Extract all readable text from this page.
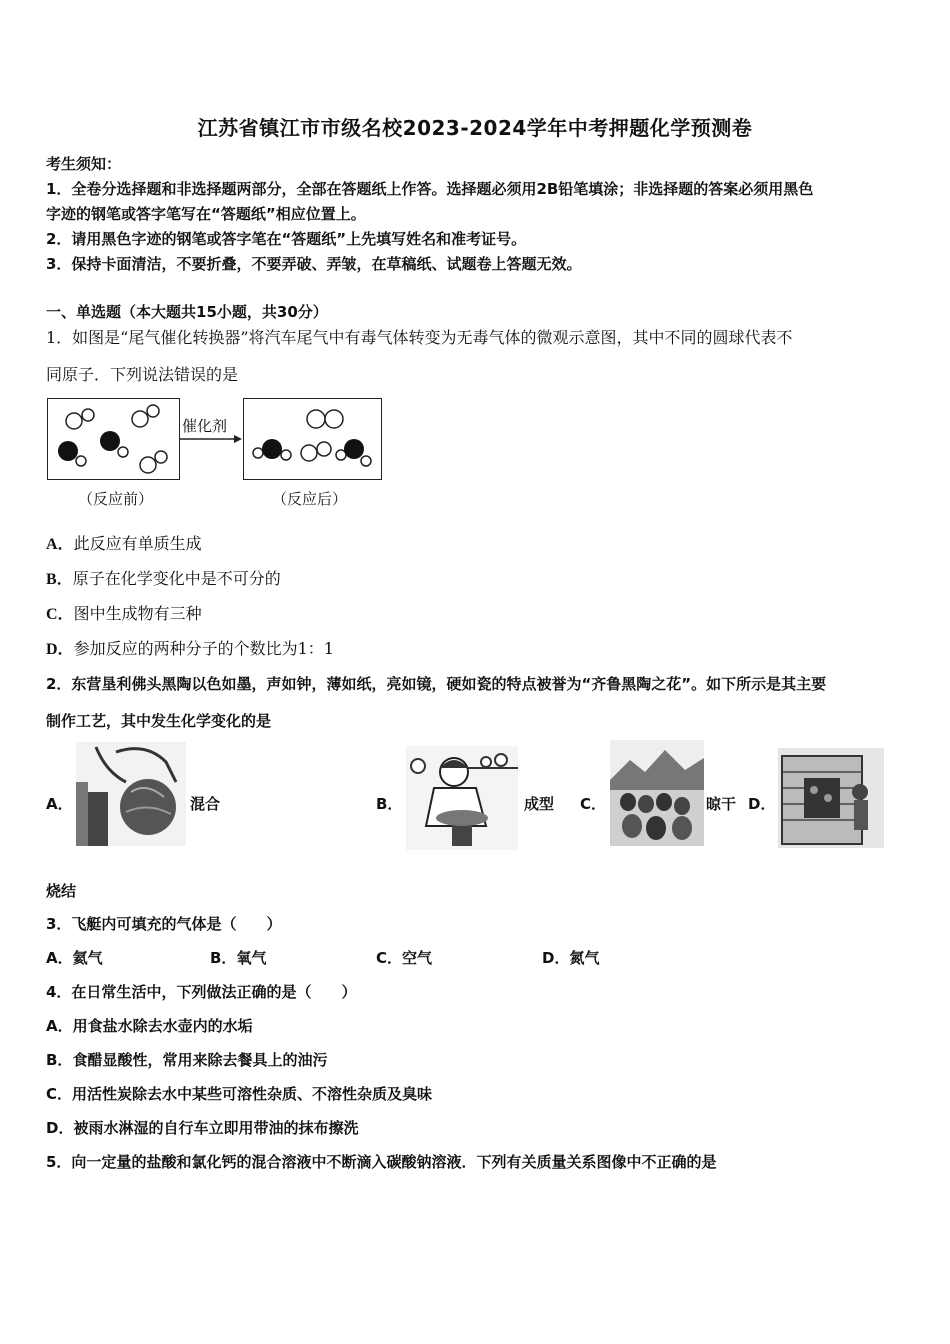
江苏省镇江市市级名校2023-2024学年中考押题化学预测卷
考生须知：
1．全卷分选择题和非选择题两部分，全部在答题纸上作答。选择题必须用2B铅笔填涂；非选择题的答案必须用黑色
字迹的钢笔或答字笔写在“答题纸”相应位置上。
2．请用黑色字迹的钢笔或答字笔在“答题纸”上先填写姓名和准考证号。
3．保持卡面清洁，不要折叠，不要弄破、弄皱，在草稿纸、试题卷上答题无效。
一、单选题（本大题共15小题，共30分）
1．如图是“尾气催化转换器”将汽车尾气中有毒气体转变为无毒气体的微观示意图，其中不同的圆球代表不
同原子．下列说法错误的是
催化剂
（反应前）	（反应后）
A．此反应有单质生成
B．原子在化学变化中是不可分的
C．图中生成物有三种
D．参加反应的两种分子的个数比为1：1
2．东营垦利佛头黑陶以色如墨，声如钟，薄如纸，亮如镜，硬如瓷的特点被誉为“齐鲁黑陶之花”。如下所示是其主要
制作工艺，其中发生化学变化的是
A．	混合	B．	成型 C．	晾干 D．
烧结
3．飞艇内可填充的气体是（　　）
A．氦气	B．氧气	C．空气	D．氮气
4．在日常生活中，下列做法正确的是（　　）
A．用食盐水除去水壶内的水垢
B．食醋显酸性，常用来除去餐具上的油污
C．用活性炭除去水中某些可溶性杂质、不溶性杂质及臭味
D．被雨水淋湿的自行车立即用带油的抹布擦洗
5．向一定量的盐酸和氯化钙的混合溶液中不断滴入碳酸钠溶液．下列有关质量关系图像中不正确的是
